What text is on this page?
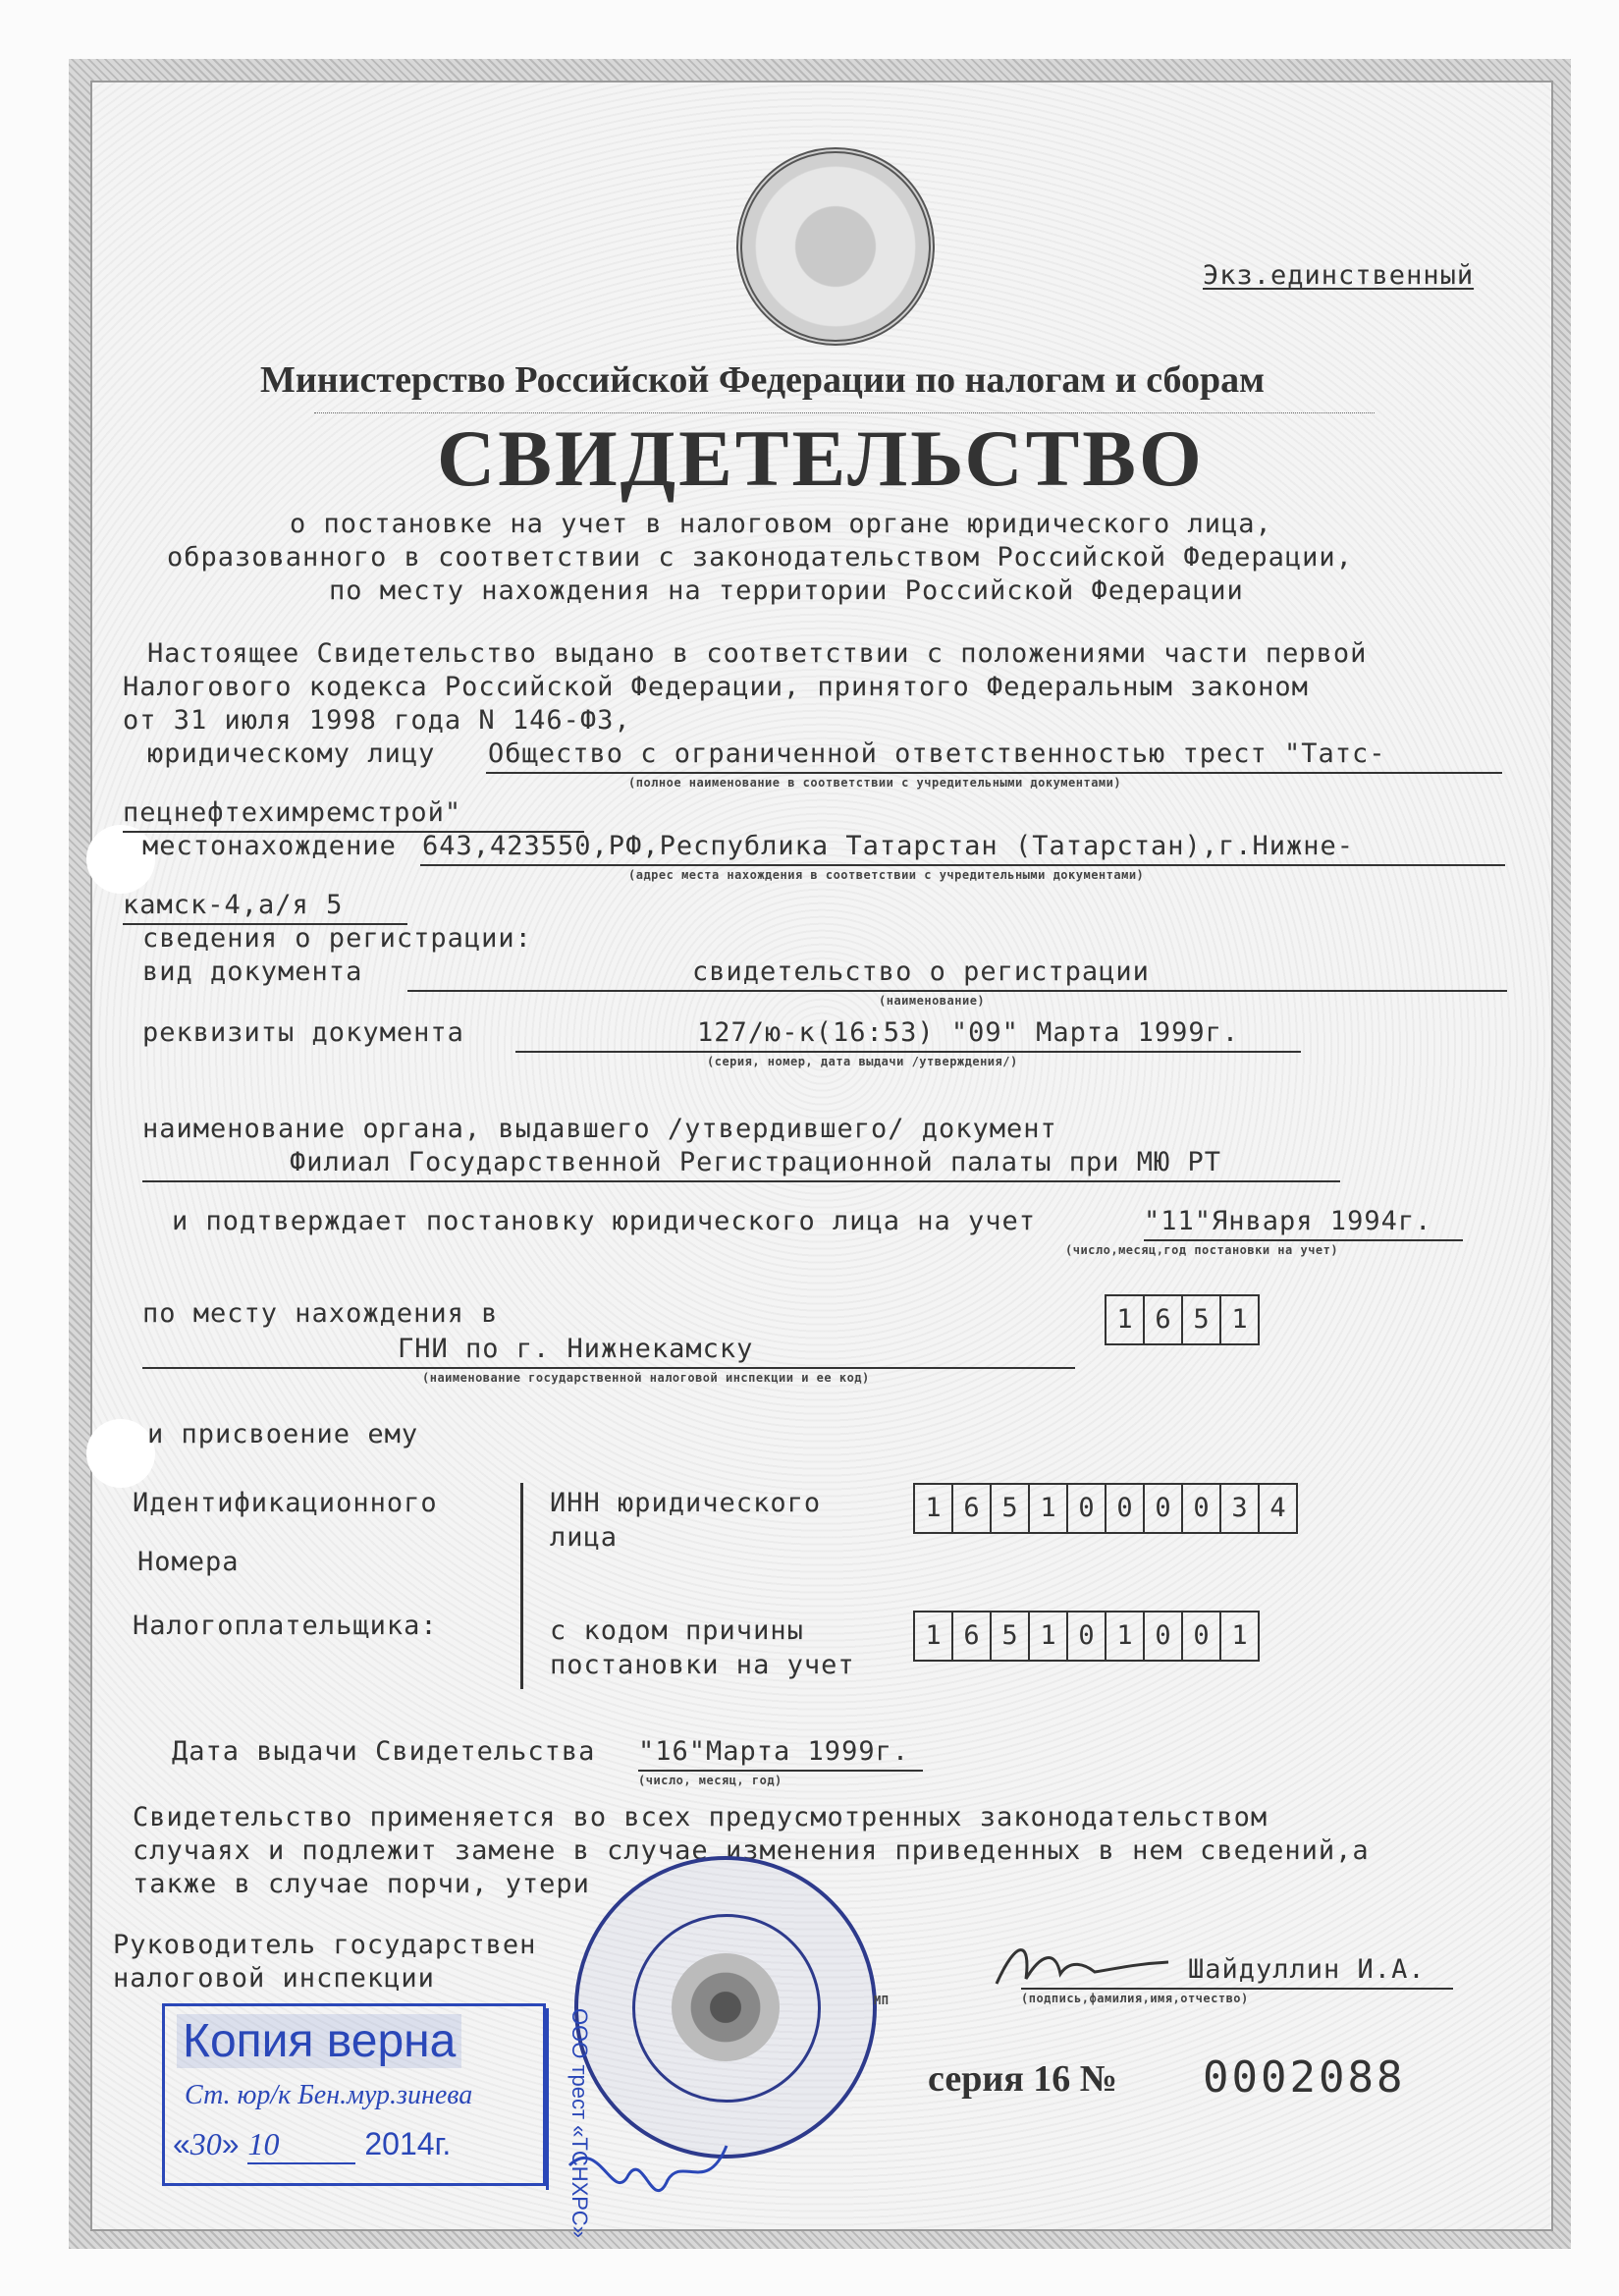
Экз.единственный
Министерство Российской Федерации по налогам и сборам
СВИДЕТЕЛЬСТВО
о постановке на учет в налоговом органе юридического лица,
образованного в соответствии с законодательством Российской Федерации,
по месту нахождения на территории Российской Федерации
Настоящее Свидетельство выдано в соответствии с положениями части первой
Налогового кодекса Российской Федерации, принятого Федеральным законом
от 31 июля 1998 года N 146-ФЗ,
юридическому лицу Общество с ограниченной ответственностью трест "Татс-
(полное наименование в соответствии с учредительными документами)
пецнефтехимремстрой"
местонахождение 643,423550,РФ,Республика Татарстан (Татарстан),г.Нижне-
(адрес места нахождения в соответствии с учредительными документами)
камск-4,а/я 5
сведения о регистрации:
вид документа	свидетельство о регистрации
(наименование)
реквизиты документа	127/ю-к(16:53) "09" Марта 1999г.
(серия, номер, дата выдачи /утверждения/)
наименование органа, выдавшего /утвердившего/ документ
Филиал Государственной Регистрационной палаты при МЮ РТ
и подтверждает постановку юридического лица на учет	"11"Января 1994г.
(число,месяц,год постановки на учет)
по месту нахождения в
ГНИ по г. Нижнекамску
(наименование государственной налоговой инспекции и ее код)
1 6 5 1
и присвоение ему
Идентификационного
Номера
Налогоплательщика:
ИНН юридического
лица
1 6 5 1 0 0 0 0 3 4
с кодом причины
постановки на учет
1 6 5 1 0 1 0 0 1
Дата выдачи Свидетельства "16"Марта 1999г.
(число, месяц, год)
Свидетельство применяется во всех предусмотренных законодательством
случаях и подлежит замене в случае изменения приведенных в нем сведений,а
также в случае порчи, утери
Руководитель государствен
налоговой инспекции
МП
Шайдуллин И.А.
(подпись,фамилия,имя,отчество)
серия 16 № 0002088
Копия верна
Ст. юр/к Бен.мур.зинева
«30» 10	2014г.	ООО трест «ТСНХРС»
